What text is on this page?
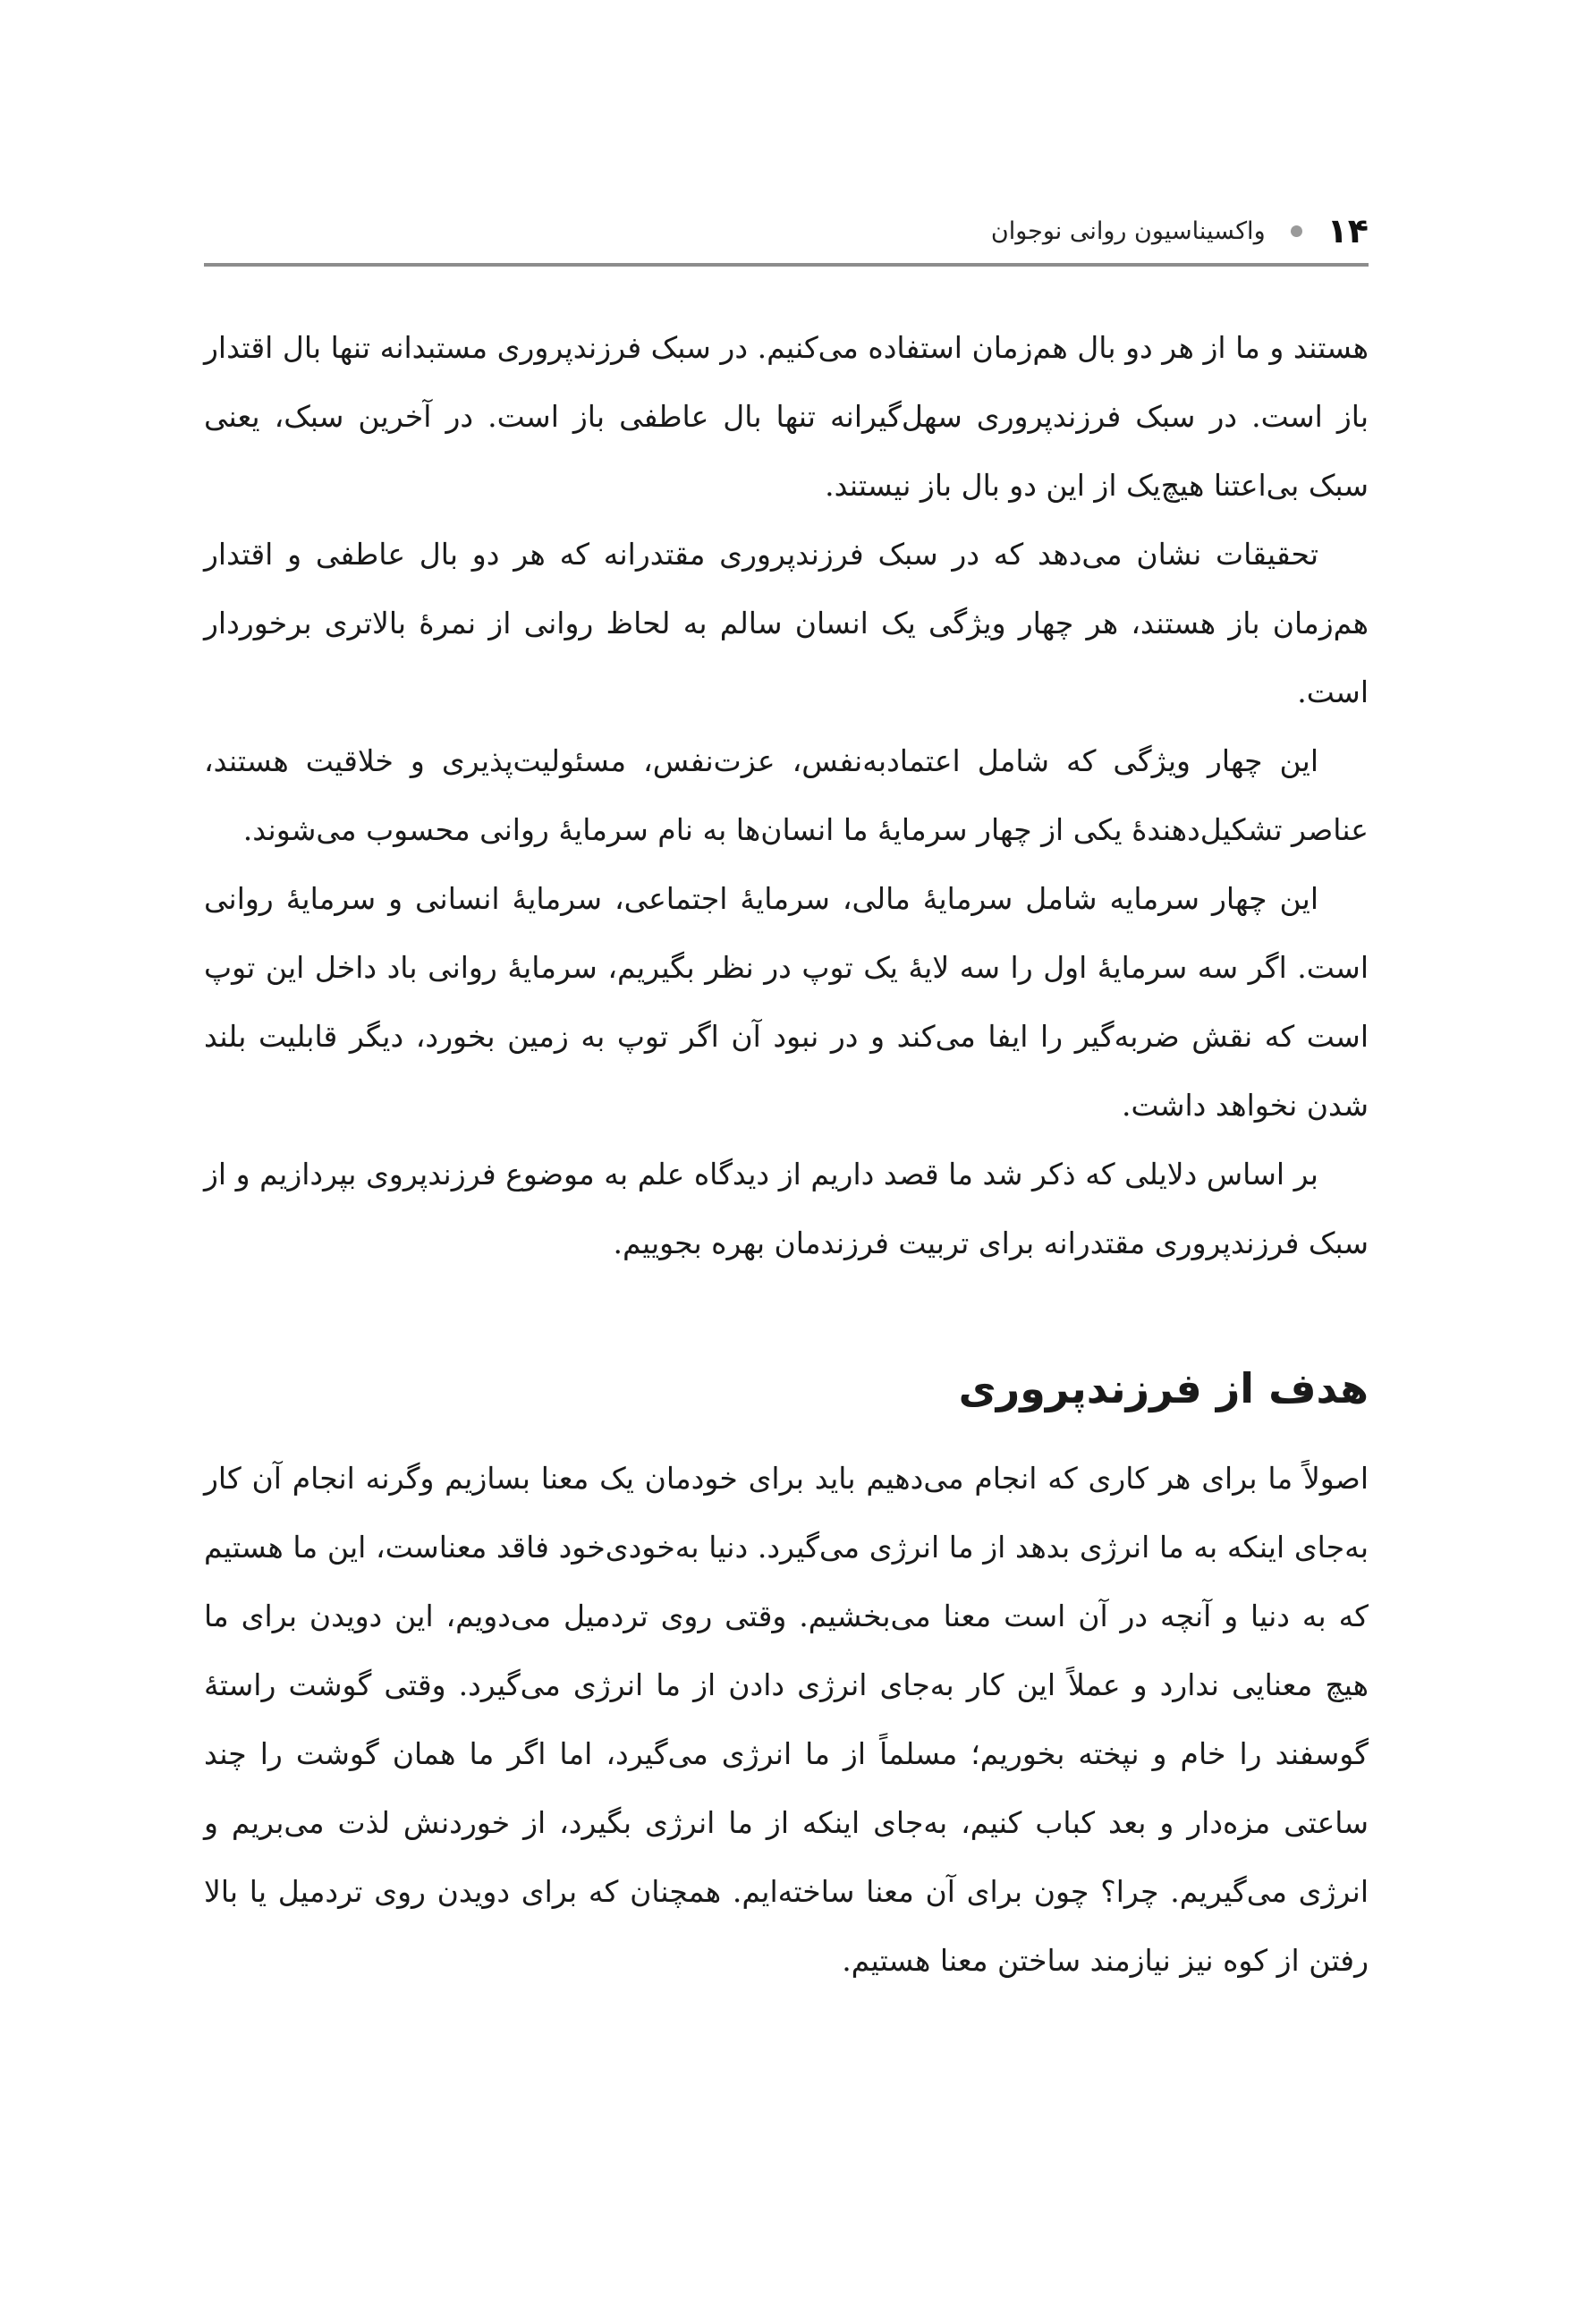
۱۴
واکسیناسیون روانی نوجوان

هستند و ما از هر دو بال هم‌زمان استفاده می‌کنیم. در سبک فرزندپروری مستبدانه تنها بال اقتدار باز است. در سبک فرزندپروری سهل‌گیرانه تنها بال عاطفی باز است. در آخرین سبک، یعنی سبک بی‌اعتنا هیچ‌یک از این دو بال باز نیستند.

تحقیقات نشان می‌دهد که در سبک فرزندپروری مقتدرانه که هر دو بال عاطفی و اقتدار هم‌زمان باز هستند، هر چهار ویژگی یک انسان سالم به لحاظ روانی از نمرهٔ بالاتری برخوردار است.

این چهار ویژگی که شامل اعتمادبه‌نفس، عزت‌نفس، مسئولیت‌پذیری و خلاقیت هستند، عناصر تشکیل‌دهندهٔ یکی از چهار سرمایهٔ ما انسان‌ها به نام سرمایهٔ روانی محسوب می‌شوند.

این چهار سرمایه شامل سرمایهٔ مالی، سرمایهٔ اجتماعی، سرمایهٔ انسانی و سرمایهٔ روانی است. اگر سه سرمایهٔ اول را سه لایهٔ یک توپ در نظر بگیریم، سرمایهٔ روانی باد داخل این توپ است که نقش ضربه‌گیر را ایفا می‌کند و در نبود آن اگر توپ به زمین بخورد، دیگر قابلیت بلند شدن نخواهد داشت.

بر اساس دلایلی که ذکر شد ما قصد داریم از دیدگاه علم به موضوع فرزندپروی بپردازیم و از سبک فرزندپروری مقتدرانه برای تربیت فرزندمان بهره بجوییم.

هدف از فرزندپروری

اصولاً ما برای هر کاری که انجام می‌دهیم باید برای خودمان یک معنا بسازیم وگرنه انجام آن کار به‌جای اینکه به ما انرژی بدهد از ما انرژی می‌گیرد. دنیا به‌خودی‌خود فاقد معناست، این ما هستیم که به دنیا و آنچه در آن است معنا می‌بخشیم. وقتی روی تردمیل می‌دویم، این دویدن برای ما هیچ معنایی ندارد و عملاً این کار به‌جای انرژی دادن از ما انرژی می‌گیرد. وقتی گوشت راستهٔ گوسفند را خام و نپخته بخوریم؛ مسلماً از ما انرژی می‌گیرد، اما اگر ما همان گوشت را چند ساعتی مزه‌دار و بعد کباب کنیم، به‌جای اینکه از ما انرژی بگیرد، از خوردنش لذت می‌بریم و انرژی می‌گیریم. چرا؟ چون برای آن معنا ساخته‌ایم. همچنان که برای دویدن روی تردمیل یا بالا رفتن از کوه نیز نیازمند ساختن معنا هستیم.
